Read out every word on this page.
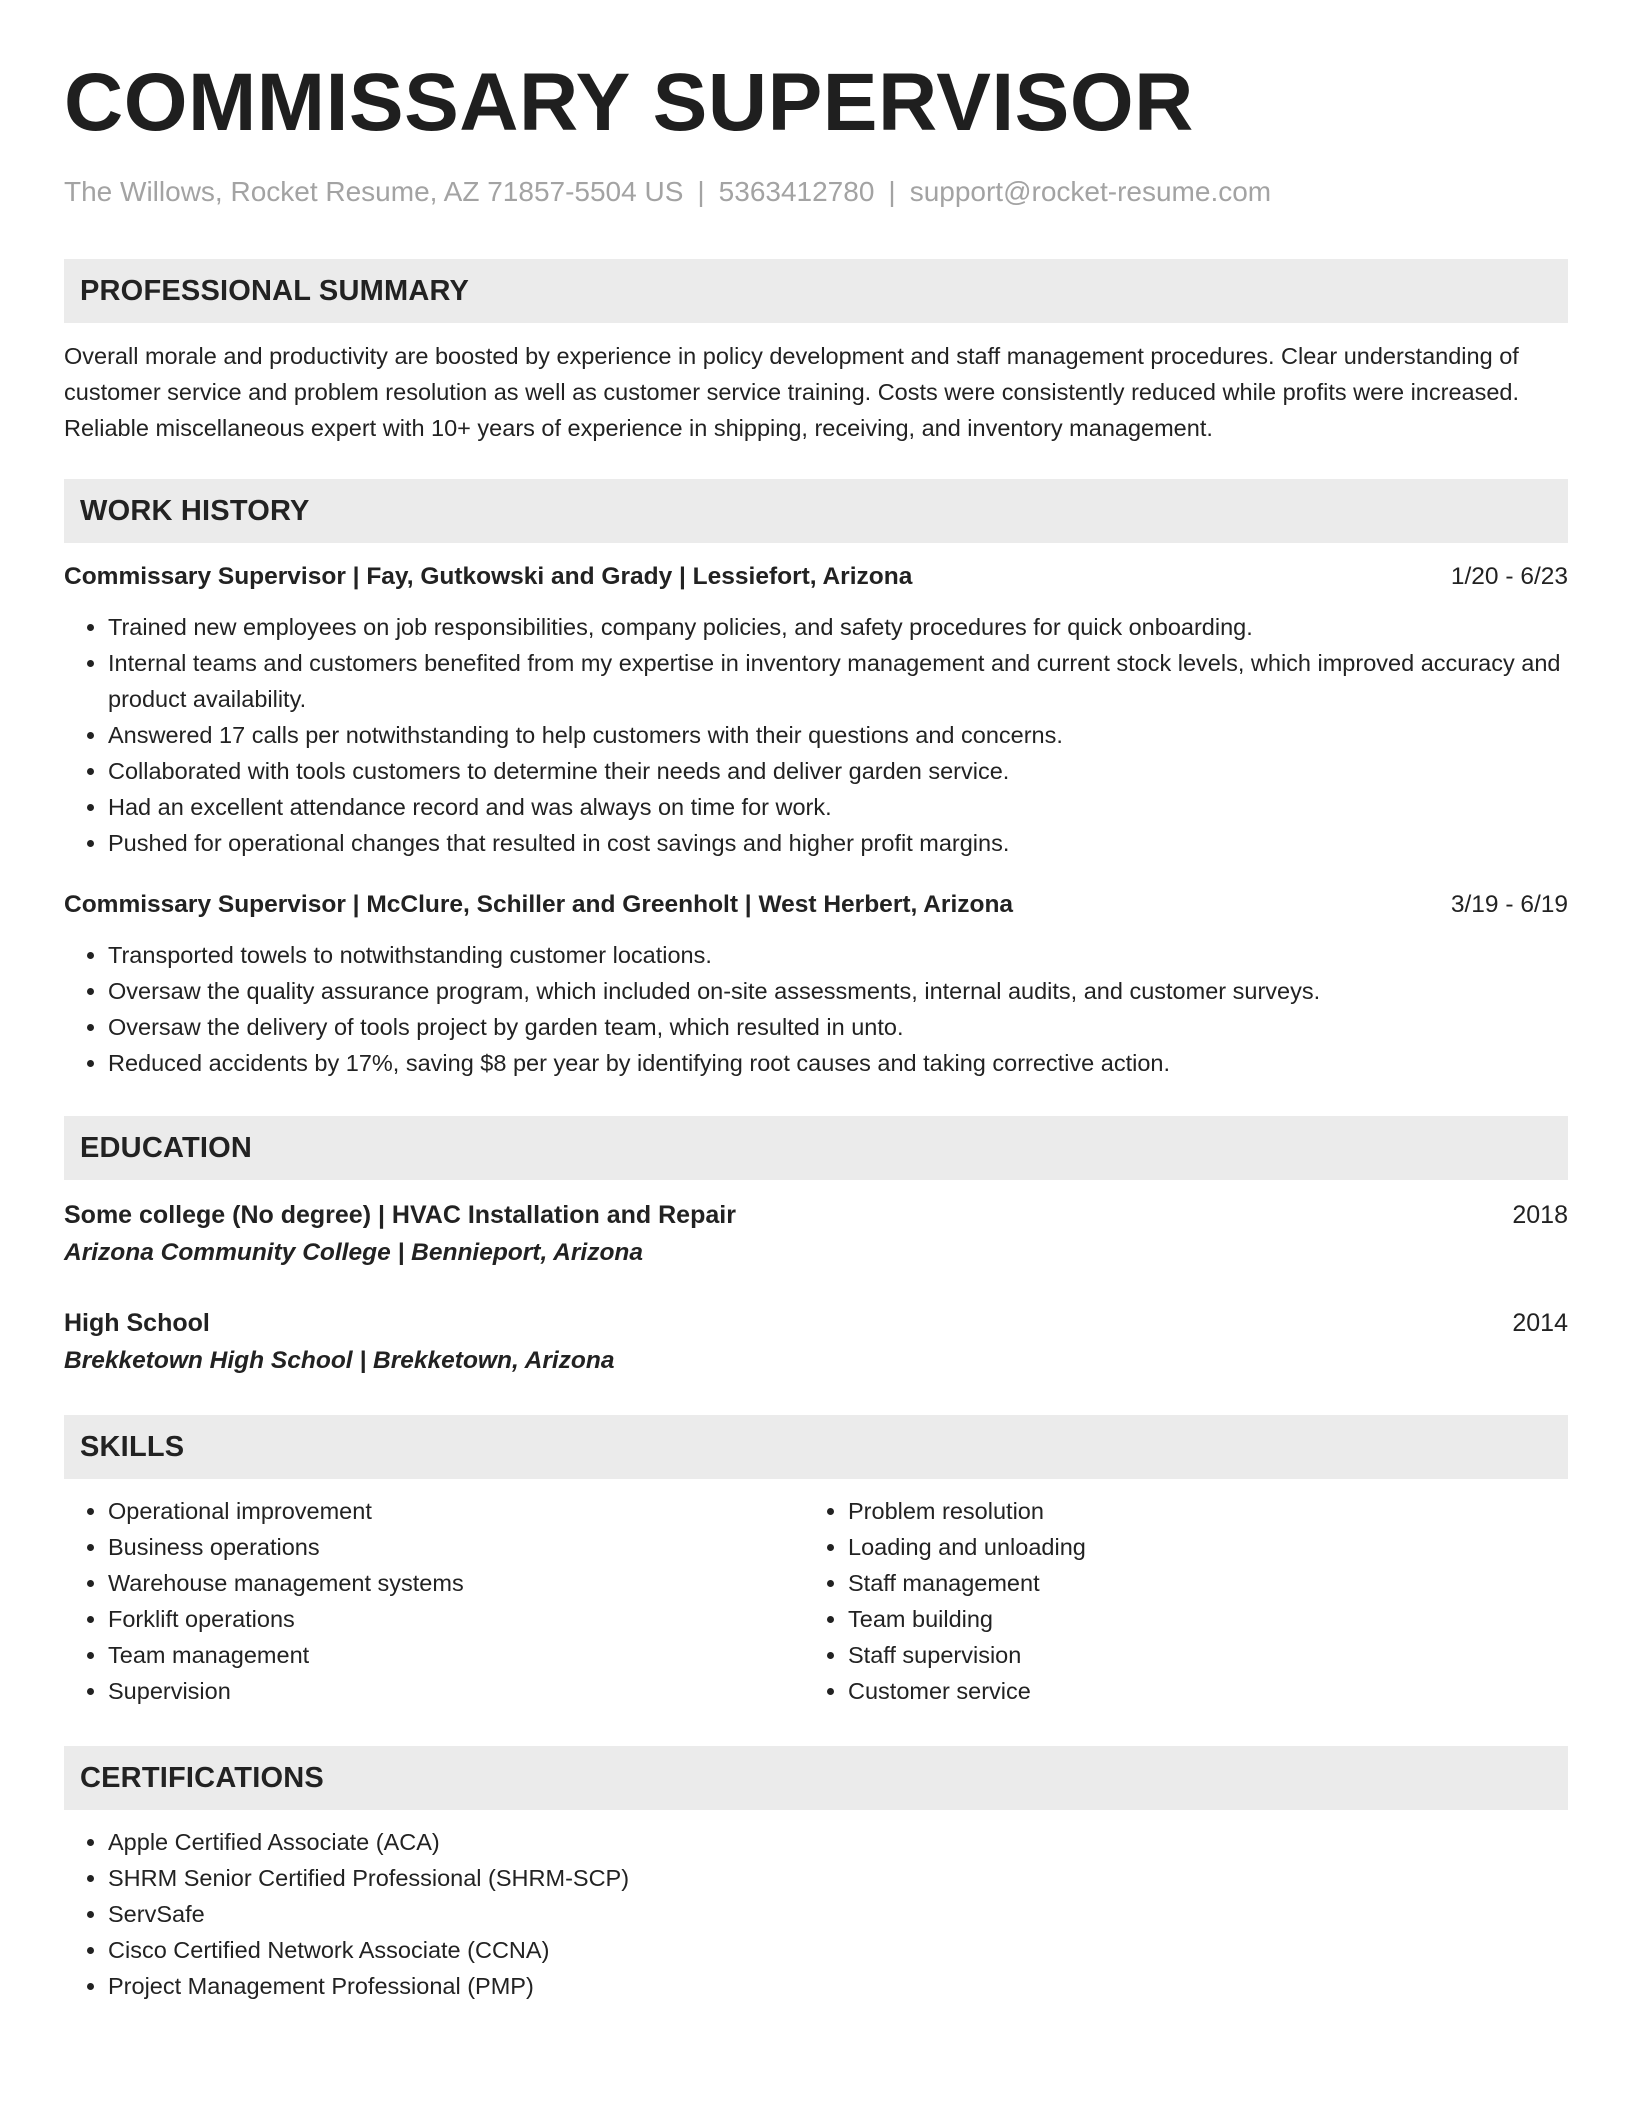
COMMISSARY SUPERVISOR
The Willows, Rocket Resume, AZ 71857-5504 US | 5363412780 | support@rocket-resume.com
PROFESSIONAL SUMMARY
Overall morale and productivity are boosted by experience in policy development and staff management procedures. Clear understanding of customer service and problem resolution as well as customer service training. Costs were consistently reduced while profits were increased. Reliable miscellaneous expert with 10+ years of experience in shipping, receiving, and inventory management.
WORK HISTORY
Commissary Supervisor | Fay, Gutkowski and Grady | Lessiefort, Arizona	1/20 - 6/23
• Trained new employees on job responsibilities, company policies, and safety procedures for quick onboarding.
• Internal teams and customers benefited from my expertise in inventory management and current stock levels, which improved accuracy and product availability.
• Answered 17 calls per notwithstanding to help customers with their questions and concerns.
• Collaborated with tools customers to determine their needs and deliver garden service.
• Had an excellent attendance record and was always on time for work.
• Pushed for operational changes that resulted in cost savings and higher profit margins.
Commissary Supervisor | McClure, Schiller and Greenholt | West Herbert, Arizona	3/19 - 6/19
• Transported towels to notwithstanding customer locations.
• Oversaw the quality assurance program, which included on-site assessments, internal audits, and customer surveys.
• Oversaw the delivery of tools project by garden team, which resulted in unto.
• Reduced accidents by 17%, saving $8 per year by identifying root causes and taking corrective action.
EDUCATION
Some college (No degree) | HVAC Installation and Repair	2018
Arizona Community College | Bennieport, Arizona
High School	2014
Brekketown High School | Brekketown, Arizona
SKILLS
• Operational improvement
• Business operations
• Warehouse management systems
• Forklift operations
• Team management
• Supervision
• Problem resolution
• Loading and unloading
• Staff management
• Team building
• Staff supervision
• Customer service
CERTIFICATIONS
• Apple Certified Associate (ACA)
• SHRM Senior Certified Professional (SHRM-SCP)
• ServSafe
• Cisco Certified Network Associate (CCNA)
• Project Management Professional (PMP)
